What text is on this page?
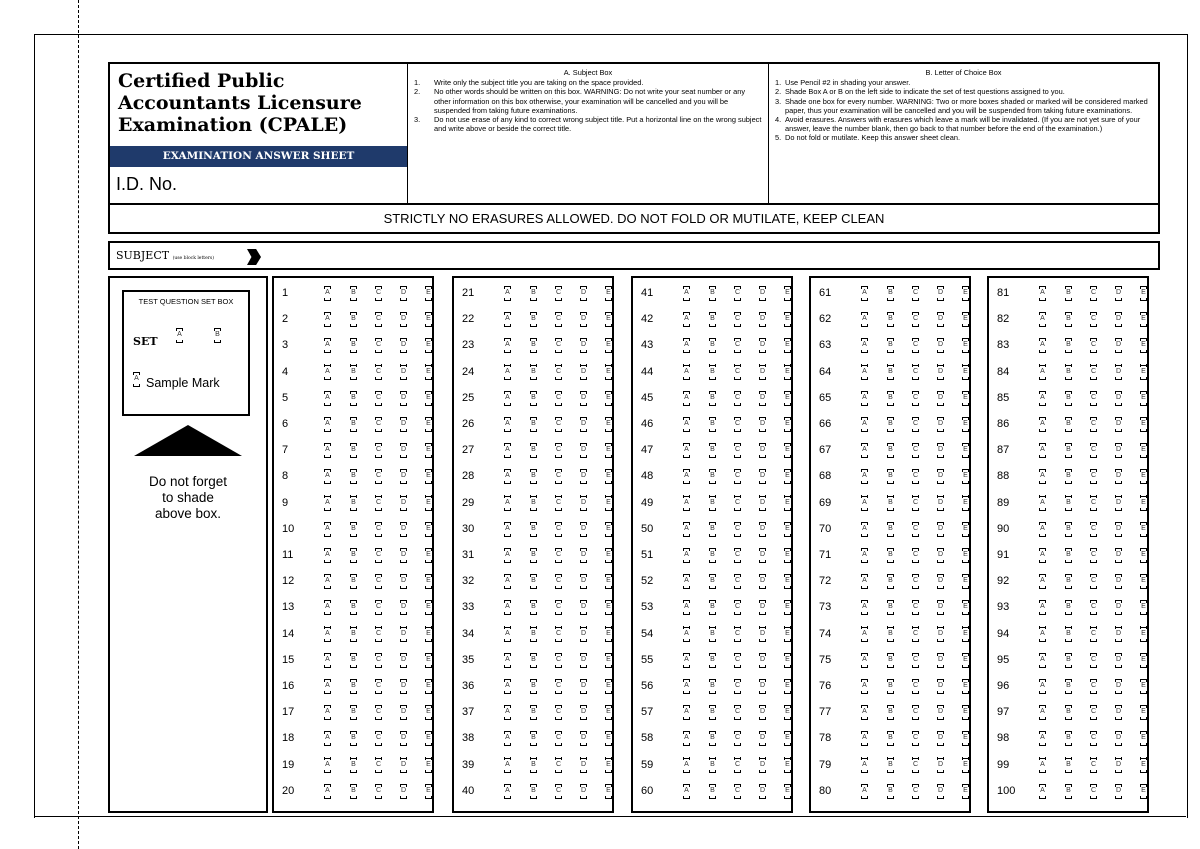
Certified Public Accountants Licensure Examination (CPALE)
EXAMINATION ANSWER SHEET
I.D. No.
A. Subject Box
1.	Write only the subject title you are taking on the space provided.
2.	No other words should be written on this box. WARNING: Do not write your seat number or any other information on this box otherwise, your examination will be cancelled and you will be suspended from taking future examinations.
3.	Do not use erase of any kind to correct wrong subject title. Put a horizontal line on the wrong subject and write above or beside the correct title.
B. Letter of Choice Box
1. Use Pencil #2 in shading your answer.
2. Shade Box A or B on the left side to indicate the set of test questions assigned to you.
3. Shade one box for every number. WARNING: Two or more boxes shaded or marked will be considered marked paper, thus your examination will be cancelled and you will be suspended from taking future examinations.
4. Avoid erasures. Answers with erasures which leave a mark will be invalidated. (If you are not yet sure of your answer, leave the number blank, then go back to that number before the end of the examination.)
5. Do not fold or mutilate. Keep this answer sheet clean.
STRICTLY NO ERASURES ALLOWED. DO NOT FOLD OR MUTILATE, KEEP CLEAN
SUBJECT (use block letters)
TEST QUESTION SET BOX
SET
A	B
A Sample Mark
Do not forget
to shade
above box.
1	A	B	C	D	E
2	A	B	C	D	E
3	A	B	C	D	E
4	A	B	C	D	E
5	A	B	C	D	E
6	A	B	C	D	E
7	A	B	C	D	E
8	A	B	C	D	E
9	A	B	C	D	E
10	A	B	C	D	E
11	A	B	C	D	E
12	A	B	C	D	E
13	A	B	C	D	E
14	A	B	C	D	E
15	A	B	C	D	E
16	A	B	C	D	E
17	A	B	C	D	E
18	A	B	C	D	E
19	A	B	C	D	E
20	A	B	C	D	E
21	A	B	C	D	E
22	A	B	C	D	E
23	A	B	C	D	E
24	A	B	C	D	E
25	A	B	C	D	E
26	A	B	C	D	E
27	A	B	C	D	E
28	A	B	C	D	E
29	A	B	C	D	E
30	A	B	C	D	E
31	A	B	C	D	E
32	A	B	C	D	E
33	A	B	C	D	E
34	A	B	C	D	E
35	A	B	C	D	E
36	A	B	C	D	E
37	A	B	C	D	E
38	A	B	C	D	E
39	A	B	C	D	E
40	A	B	C	D	E
41	A	B	C	D	E
42	A	B	C	D	E
43	A	B	C	D	E
44	A	B	C	D	E
45	A	B	C	D	E
46	A	B	C	D	E
47	A	B	C	D	E
48	A	B	C	D	E
49	A	B	C	D	E
50	A	B	C	D	E
51	A	B	C	D	E
52	A	B	C	D	E
53	A	B	C	D	E
54	A	B	C	D	E
55	A	B	C	D	E
56	A	B	C	D	E
57	A	B	C	D	E
58	A	B	C	D	E
59	A	B	C	D	E
60	A	B	C	D	E
61	A	B	C	D	E
62	A	B	C	D	E
63	A	B	C	D	E
64	A	B	C	D	E
65	A	B	C	D	E
66	A	B	C	D	E
67	A	B	C	D	E
68	A	B	C	D	E
69	A	B	C	D	E
70	A	B	C	D	E
71	A	B	C	D	E
72	A	B	C	D	E
73	A	B	C	D	E
74	A	B	C	D	E
75	A	B	C	D	E
76	A	B	C	D	E
77	A	B	C	D	E
78	A	B	C	D	E
79	A	B	C	D	E
80	A	B	C	D	E
81	A	B	C	D	E
82	A	B	C	D	E
83	A	B	C	D	E
84	A	B	C	D	E
85	A	B	C	D	E
86	A	B	C	D	E
87	A	B	C	D	E
88	A	B	C	D	E
89	A	B	C	D	E
90	A	B	C	D	E
91	A	B	C	D	E
92	A	B	C	D	E
93	A	B	C	D	E
94	A	B	C	D	E
95	A	B	C	D	E
96	A	B	C	D	E
97	A	B	C	D	E
98	A	B	C	D	E
99	A	B	C	D	E
100	A	B	C	D	E
